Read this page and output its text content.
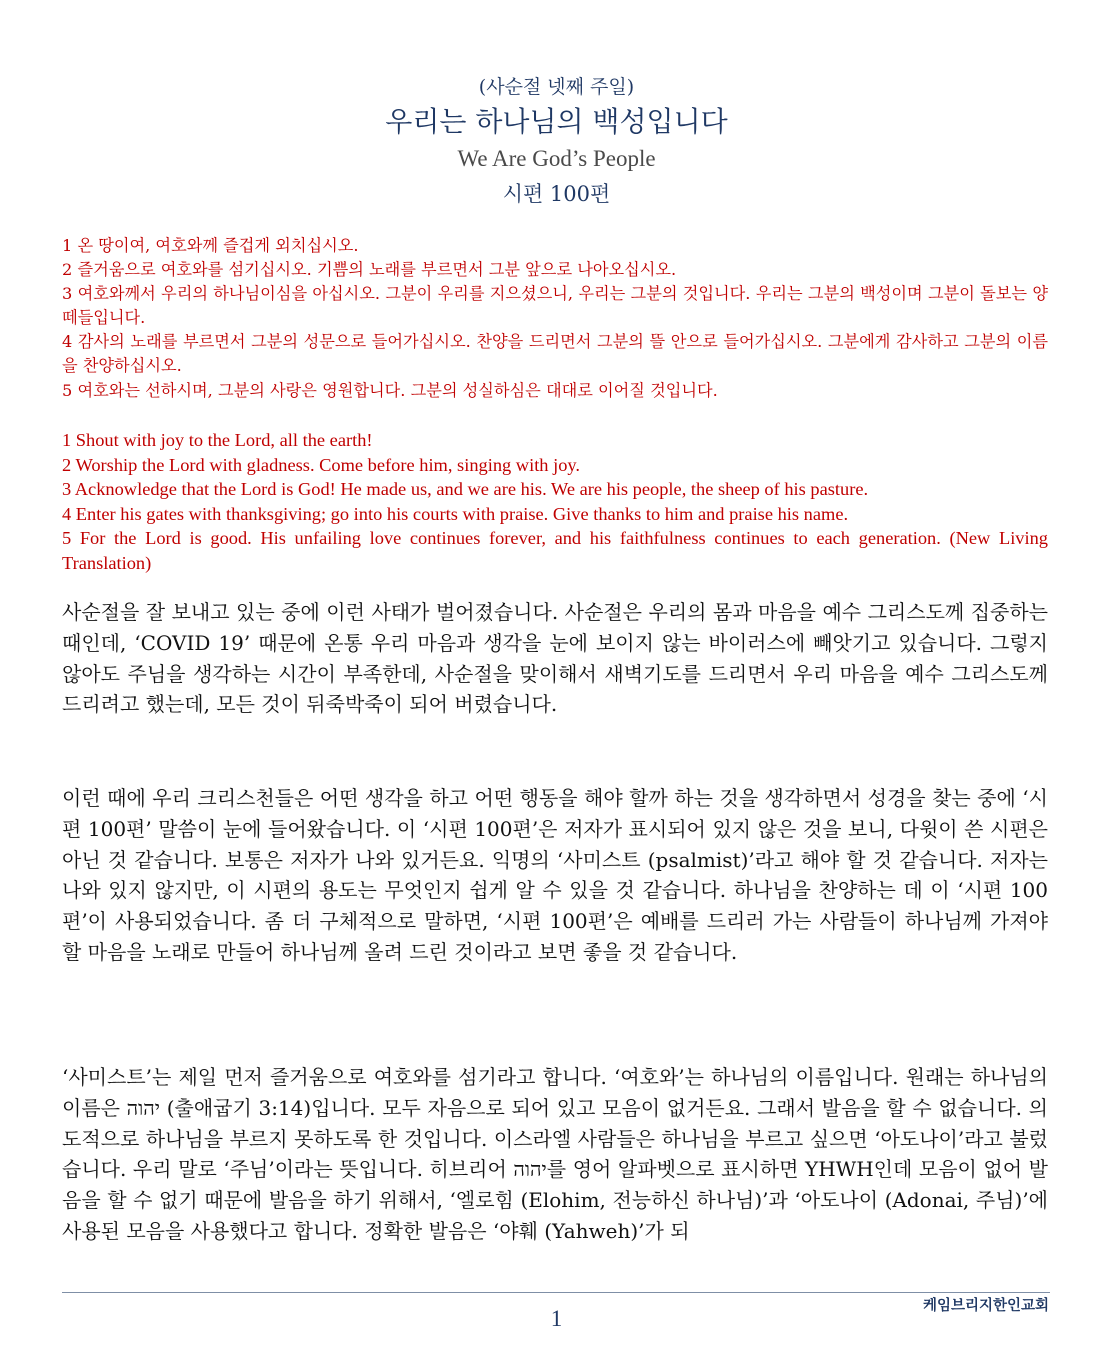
(사순절 넷째 주일)
우리는 하나님의 백성입니다
We Are God’s People
시편 100편
1 온 땅이여, 여호와께 즐겁게 외치십시오.
2 즐거움으로 여호와를 섬기십시오. 기쁨의 노래를 부르면서 그분 앞으로 나아오십시오.
3 여호와께서 우리의 하나님이심을 아십시오. 그분이 우리를 지으셨으니, 우리는 그분의 것입니다. 우리는 그분의 백성이며 그분이 돌보는 양 떼들입니다.
4 감사의 노래를 부르면서 그분의 성문으로 들어가십시오. 찬양을 드리면서 그분의 뜰 안으로 들어가십시오. 그분에게 감사하고 그분의 이름을 찬양하십시오.
5 여호와는 선하시며, 그분의 사랑은 영원합니다. 그분의 성실하심은 대대로 이어질 것입니다.
1 Shout with joy to the Lord, all the earth!
2 Worship the Lord with gladness. Come before him, singing with joy.
3 Acknowledge that the Lord is God! He made us, and we are his. We are his people, the sheep of his pasture.
4 Enter his gates with thanksgiving; go into his courts with praise. Give thanks to him and praise his name.
5 For the Lord is good. His unfailing love continues forever, and his faithfulness continues to each generation. (New Living Translation)

사순절을 잘 보내고 있는 중에 이런 사태가 벌어졌습니다. 사순절은 우리의 몸과 마음을 예수 그리스도께 집중하는 때인데, ‘COVID 19’ 때문에 온통 우리 마음과 생각을 눈에 보이지 않는 바이러스에 빼앗기고 있습니다. 그렇지 않아도 주님을 생각하는 시간이 부족한데, 사순절을 맞이해서 새벽기도를 드리면서 우리 마음을 예수 그리스도께 드리려고 했는데, 모든 것이 뒤죽박죽이 되어 버렸습니다.

이런 때에 우리 크리스천들은 어떤 생각을 하고 어떤 행동을 해야 할까 하는 것을 생각하면서 성경을 찾는 중에 ‘시편 100편’ 말씀이 눈에 들어왔습니다. 이 ‘시편 100편’은 저자가 표시되어 있지 않은 것을 보니, 다윗이 쓴 시편은 아닌 것 같습니다. 보통은 저자가 나와 있거든요. 익명의 ‘사미스트 (psalmist)’라고 해야 할 것 같습니다. 저자는 나와 있지 않지만, 이 시편의 용도는 무엇인지 쉽게 알 수 있을 것 같습니다. 하나님을 찬양하는 데 이 ‘시편 100편’이 사용되었습니다. 좀 더 구체적으로 말하면, ‘시편 100편’은 예배를 드리러 가는 사람들이 하나님께 가져야 할 마음을 노래로 만들어 하나님께 올려 드린 것이라고 보면 좋을 것 같습니다.

‘사미스트’는 제일 먼저 즐거움으로 여호와를 섬기라고 합니다. ‘여호와’는 하나님의 이름입니다. 원래는 하나님의 이름은 יהוה (출애굽기 3:14)입니다. 모두 자음으로 되어 있고 모음이 없거든요. 그래서 발음을 할 수 없습니다. 의도적으로 하나님을 부르지 못하도록 한 것입니다. 이스라엘 사람들은 하나님을 부르고 싶으면 ‘아도나이’라고 불렀습니다. 우리 말로 ‘주님’이라는 뜻입니다. 히브리어 יהוה를 영어 알파벳으로 표시하면 YHWH인데 모음이 없어 발음을 할 수 없기 때문에 발음을 하기 위해서, ‘엘로힘 (Elohim, 전능하신 하나님)’과 ‘아도나이 (Adonai, 주님)’에 사용된 모음을 사용했다고 합니다. 정확한 발음은 ‘야훼 (Yahweh)’가 되

케임브리지한인교회
1
